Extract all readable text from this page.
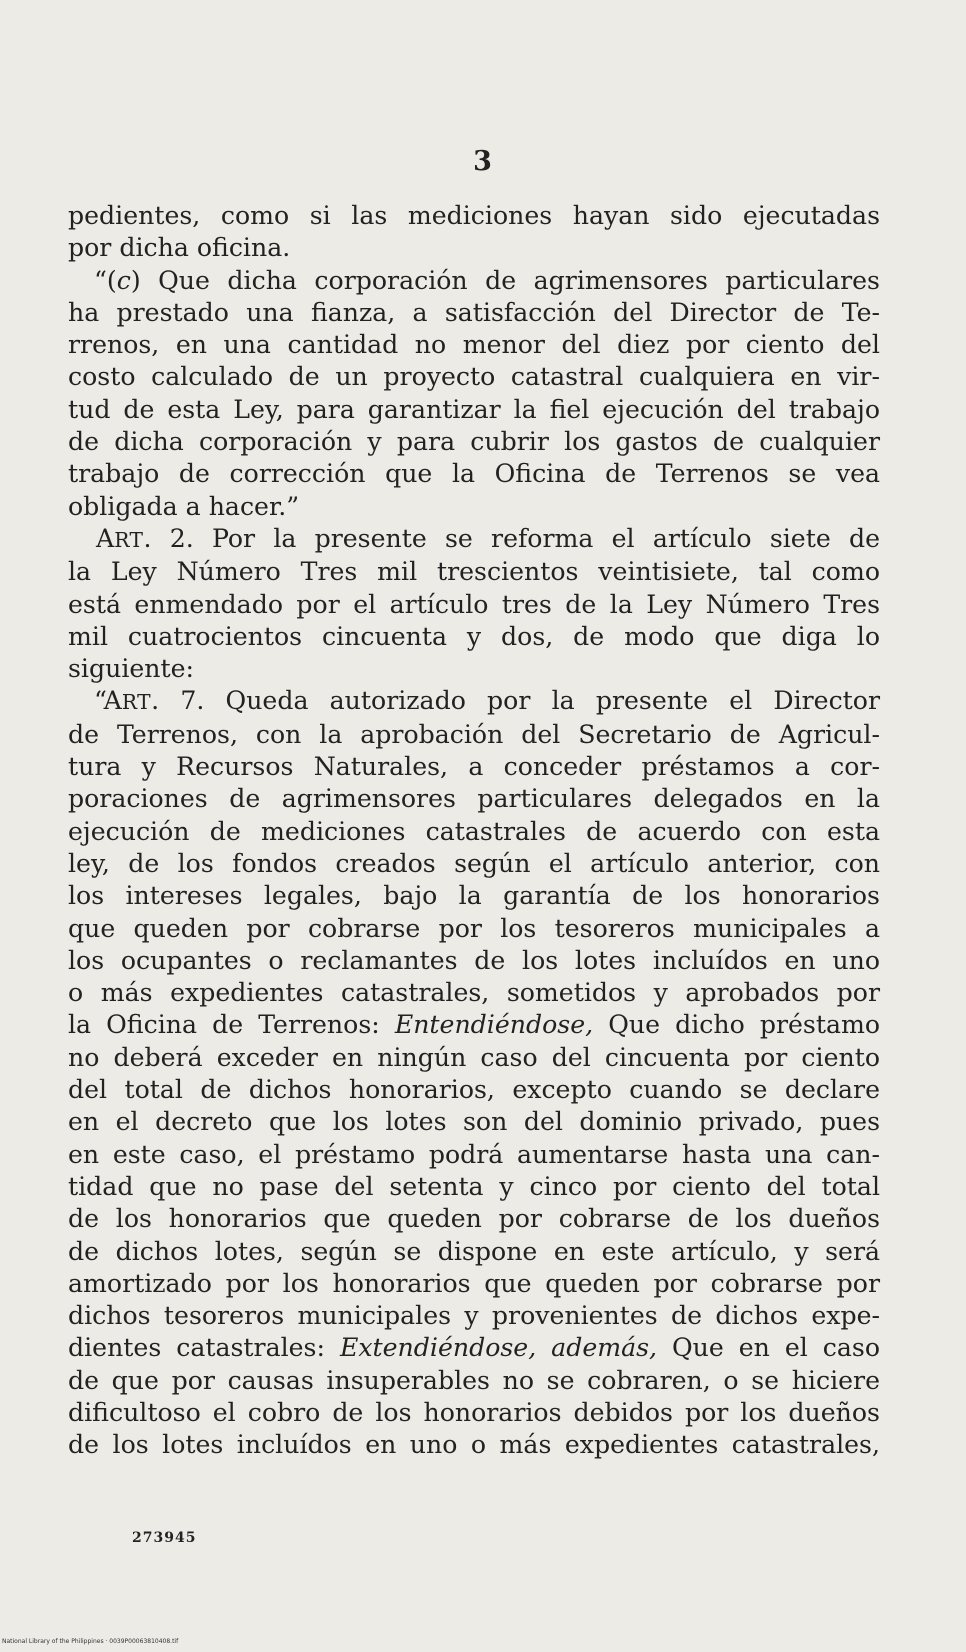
3
pedientes, como si las mediciones hayan sido ejecutadas
por dicha oficina.
“(c) Que dicha corporación de agrimensores particulares
ha prestado una fianza, a satisfacción del Director de Te-
rrenos, en una cantidad no menor del diez por ciento del
costo calculado de un proyecto catastral cualquiera en vir-
tud de esta Ley, para garantizar la fiel ejecución del trabajo
de dicha corporación y para cubrir los gastos de cualquier
trabajo de corrección que la Oficina de Terrenos se vea
obligada a hacer.”
ART. 2. Por la presente se reforma el artículo siete de
la Ley Número Tres mil trescientos veintisiete, tal como
está enmendado por el artículo tres de la Ley Número Tres
mil cuatrocientos cincuenta y dos, de modo que diga lo
siguiente:
“ART. 7. Queda autorizado por la presente el Director
de Terrenos, con la aprobación del Secretario de Agricul-
tura y Recursos Naturales, a conceder préstamos a cor-
poraciones de agrimensores particulares delegados en la
ejecución de mediciones catastrales de acuerdo con esta
ley, de los fondos creados según el artículo anterior, con
los intereses legales, bajo la garantía de los honorarios
que queden por cobrarse por los tesoreros municipales a
los ocupantes o reclamantes de los lotes incluídos en uno
o más expedientes catastrales, sometidos y aprobados por
la Oficina de Terrenos: Entendiéndose, Que dicho préstamo
no deberá exceder en ningún caso del cincuenta por ciento
del total de dichos honorarios, excepto cuando se declare
en el decreto que los lotes son del dominio privado, pues
en este caso, el préstamo podrá aumentarse hasta una can-
tidad que no pase del setenta y cinco por ciento del total
de los honorarios que queden por cobrarse de los dueños
de dichos lotes, según se dispone en este artículo, y será
amortizado por los honorarios que queden por cobrarse por
dichos tesoreros municipales y provenientes de dichos expe-
dientes catastrales: Extendiéndose, además, Que en el caso
de que por causas insuperables no se cobraren, o se hiciere
dificultoso el cobro de los honorarios debidos por los dueños
de los lotes incluídos en uno o más expedientes catastrales,
273945
National Library of the Philippines · 0039P00063810408.tif
